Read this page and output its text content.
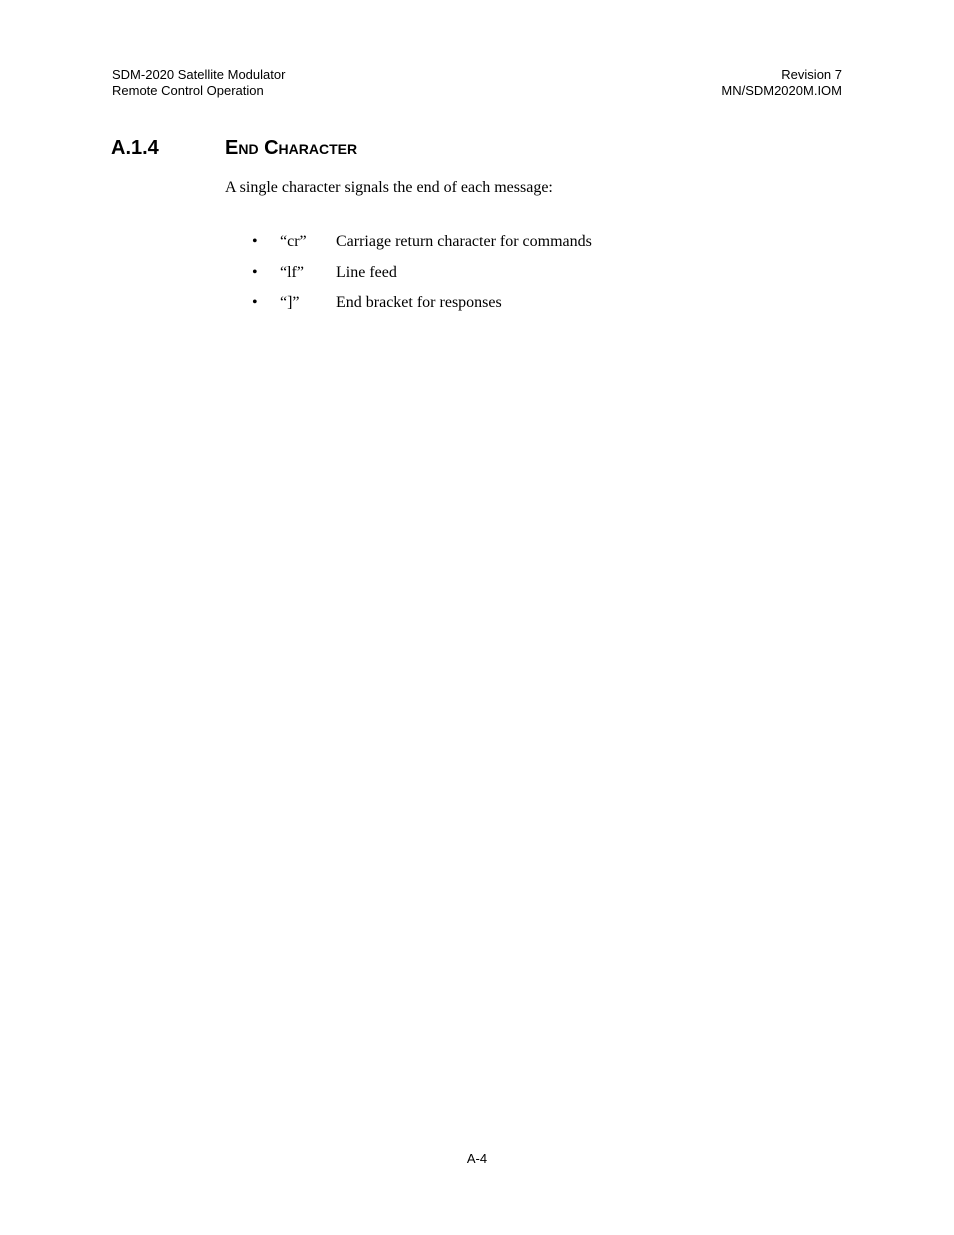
SDM-2020 Satellite Modulator
Remote Control Operation
Revision 7
MN/SDM2020M.IOM
A.1.4	End Character
A single character signals the end of each message:
• “cr” Carriage return character for commands
• “lf” Line feed
• “]” End bracket for responses
A-4
